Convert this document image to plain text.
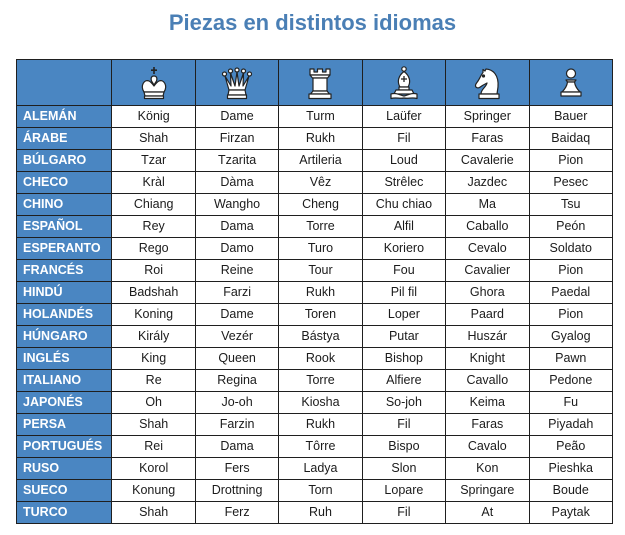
Piezas en distintos idiomas

ALEMÁN	König	Dame	Turm	Laüfer	Springer	Bauer
ÁRABE	Shah	Firzan	Rukh	Fil	Faras	Baidaq
BÚLGARO	Tzar	Tzarita	Artileria	Loud	Cavalerie	Pion
CHECO	Kràl	Dàma	Vêz	Strêlec	Jazdec	Pesec
CHINO	Chiang	Wangho	Cheng	Chu chiao	Ma	Tsu
ESPAÑOL	Rey	Dama	Torre	Alfil	Caballo	Peón
ESPERANTO	Rego	Damo	Turo	Koriero	Cevalo	Soldato
FRANCÉS	Roi	Reine	Tour	Fou	Cavalier	Pion
HINDÚ	Badshah	Farzi	Rukh	Pil fil	Ghora	Paedal
HOLANDÉS	Koning	Dame	Toren	Loper	Paard	Pion
HÚNGARO	Király	Vezér	Bástya	Putar	Huszár	Gyalog
INGLÉS	King	Queen	Rook	Bishop	Knight	Pawn
ITALIANO	Re	Regina	Torre	Alfiere	Cavallo	Pedone
JAPONÉS	Oh	Jo-oh	Kiosha	So-joh	Keima	Fu
PERSA	Shah	Farzin	Rukh	Fil	Faras	Piyadah
PORTUGUÉS	Rei	Dama	Tôrre	Bispo	Cavalo	Peão
RUSO	Korol	Fers	Ladya	Slon	Kon	Pieshka
SUECO	Konung	Drottning	Torn	Lopare	Springare	Boude
TURCO	Shah	Ferz	Ruh	Fil	At	Paytak
